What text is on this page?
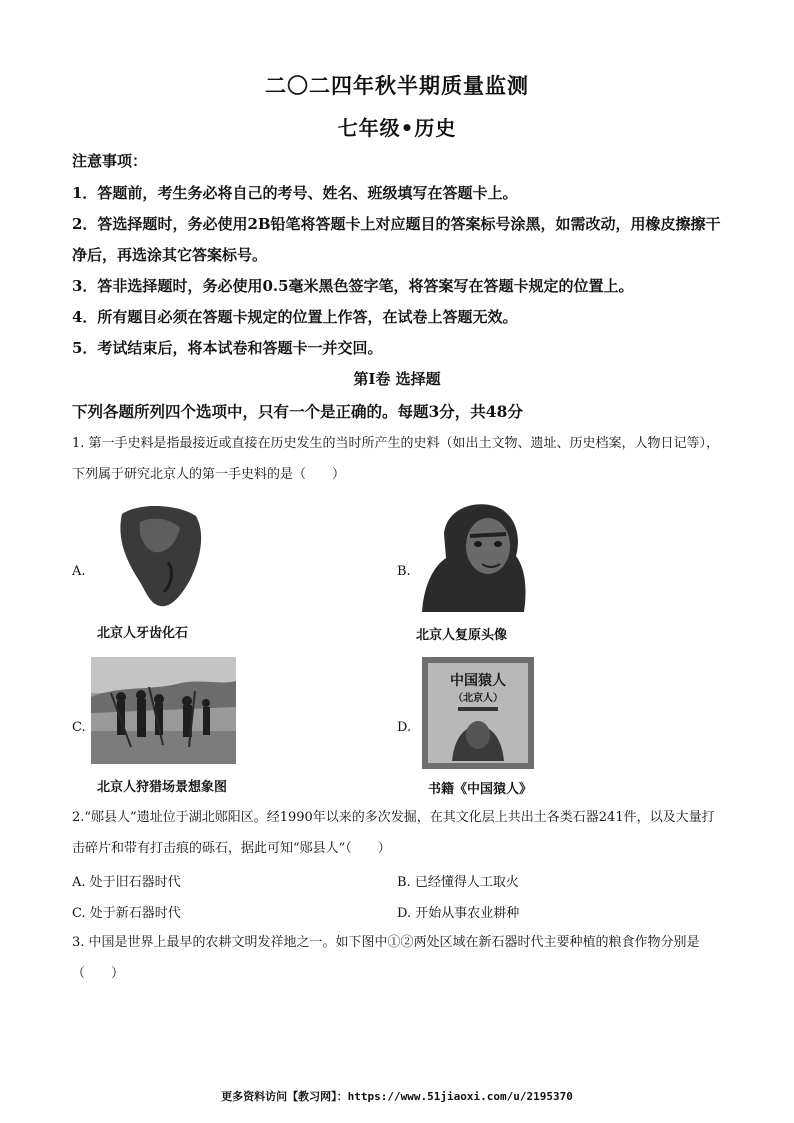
二〇二四年秋半期质量监测
七年级•历史
注意事项：
1．答题前，考生务必将自己的考号、姓名、班级填写在答题卡上。
2．答选择题时，务必使用2B铅笔将答题卡上对应题目的答案标号涂黑，如需改动，用橡皮擦擦干净后，再选涂其它答案标号。
3．答非选择题时，务必使用0.5毫米黑色签字笔，将答案写在答题卡规定的位置上。
4．所有题目必须在答题卡规定的位置上作答，在试卷上答题无效。
5．考试结束后，将本试卷和答题卡一并交回。
第Ⅰ卷 选择题
下列各题所列四个选项中，只有一个是正确的。每题3分，共48分
1. 第一手史料是指最接近或直接在历史发生的当时所产生的史料（如出土文物、遗址、历史档案，人物日记等），下列属于研究北京人的第一手史料的是（　　）
A.
北京人牙齿化石
B.
北京人复原头像
C.
北京人狩猎场景想象图
D.
中国猿人
（北京人）
书籍《中国猿人》
2.“郧县人”遗址位于湖北郧阳区。经1990年以来的多次发掘，在其文化层上共出土各类石器241件，以及大量打击碎片和带有打击痕的砾石，据此可知“郧县人”（　　）
A. 处于旧石器时代	B. 已经懂得人工取火
C. 处于新石器时代	D. 开始从事农业耕种
3. 中国是世界上最早的农耕文明发祥地之一。如下图中①②两处区域在新石器时代主要种植的粮食作物分别是（　　）
更多资料访问【教习网】：https://www.51jiaoxi.com/u/2195370
